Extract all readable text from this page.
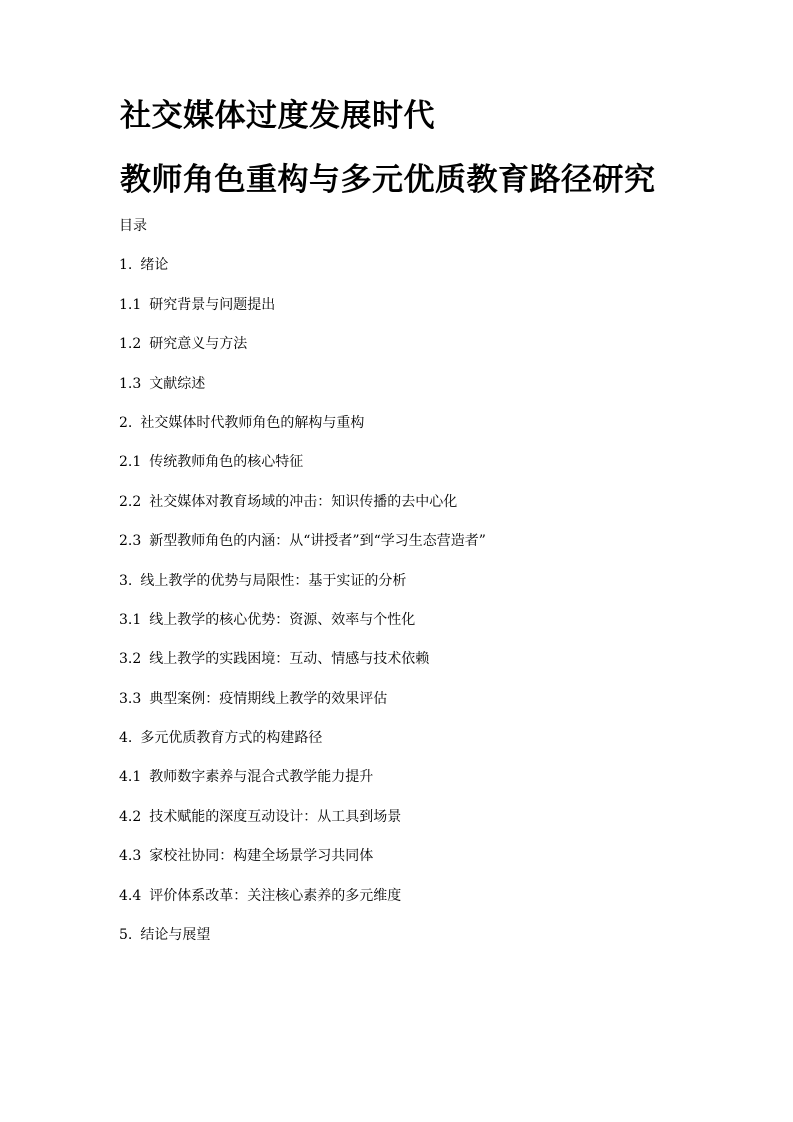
社交媒体过度发展时代
教师角色重构与多元优质教育路径研究
目录
1. 绪论
1.1 研究背景与问题提出
1.2 研究意义与方法
1.3 文献综述
2. 社交媒体时代教师角色的解构与重构
2.1 传统教师角色的核心特征
2.2 社交媒体对教育场域的冲击：知识传播的去中心化
2.3 新型教师角色的内涵：从“讲授者”到“学习生态营造者”
3. 线上教学的优势与局限性：基于实证的分析
3.1 线上教学的核心优势：资源、效率与个性化
3.2 线上教学的实践困境：互动、情感与技术依赖
3.3 典型案例：疫情期线上教学的效果评估
4. 多元优质教育方式的构建路径
4.1 教师数字素养与混合式教学能力提升
4.2 技术赋能的深度互动设计：从工具到场景
4.3 家校社协同：构建全场景学习共同体
4.4 评价体系改革：关注核心素养的多元维度
5. 结论与展望
